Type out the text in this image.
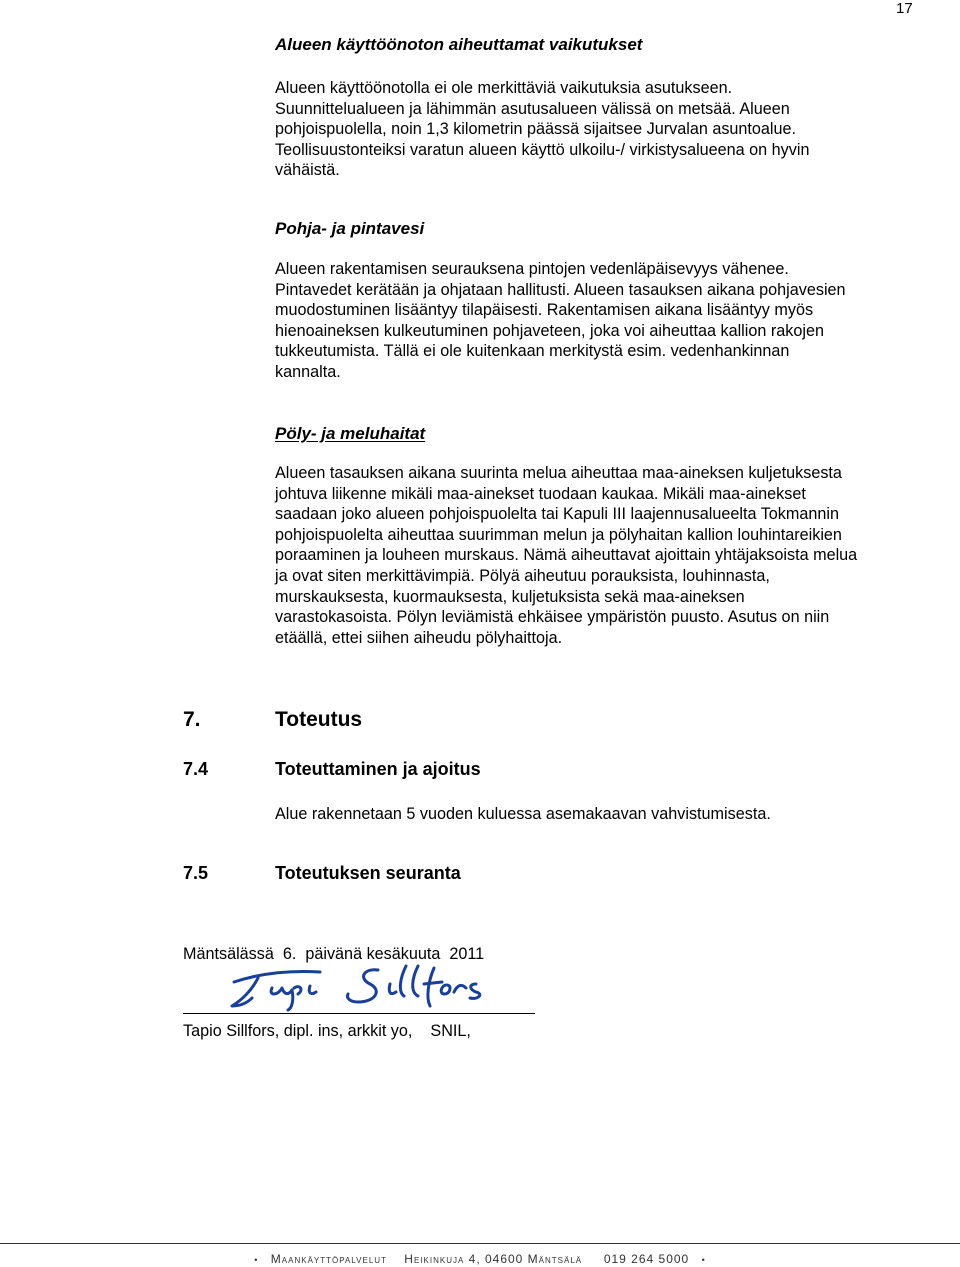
17
Alueen käyttöönoton aiheuttamat vaikutukset
Alueen käyttöönotolla ei ole merkittäviä vaikutuksia asutukseen.
Suunnittelualueen ja lähimmän asutusalueen välissä on metsää. Alueen
pohjoispuolella, noin 1,3 kilometrin päässä sijaitsee Jurvalan asuntoalue.
Teollisuustonteiksi varatun alueen käyttö ulkoilu-/ virkistysalueena on hyvin
vähäistä.
Pohja- ja pintavesi
Alueen rakentamisen seurauksena pintojen vedenläpäisevyys vähenee.
Pintavedet kerätään ja ohjataan hallitusti. Alueen tasauksen aikana pohjavesien
muodostuminen lisääntyy tilapäisesti. Rakentamisen aikana lisääntyy myös
hienoaineksen kulkeutuminen pohjaveteen, joka voi aiheuttaa kallion rakojen
tukkeutumista. Tällä ei ole kuitenkaan merkitystä esim. vedenhankinnan
kannalta.
Pöly- ja meluhaitat
Alueen tasauksen aikana suurinta melua aiheuttaa maa-aineksen kuljetuksesta
johtuva liikenne mikäli maa-ainekset tuodaan kaukaa. Mikäli maa-ainekset
saadaan joko alueen pohjoispuolelta tai Kapuli III laajennusalueelta Tokmannin
pohjoispuolelta aiheuttaa suurimman melun ja pölyhaitan kallion louhintareikien
poraaminen ja louheen murskaus. Nämä aiheuttavat ajoittain yhtäjaksoista melua
ja ovat siten merkittävimpiä. Pölyä aiheutuu porauksista, louhinnasta,
murskauksesta, kuormauksesta, kuljetuksista sekä maa-aineksen
varastokasoista. Pölyn leviämistä ehkäisee ympäristön puusto. Asutus on niin
etäällä, ettei siihen aiheudu pölyhaittoja.
7.	Toteutus
7.4	Toteuttaminen ja ajoitus
Alue rakennetaan 5 vuoden kuluessa asemakaavan vahvistumisesta.
7.5	Toteutuksen seuranta
Mäntsälässä  6.  päivänä kesäkuuta  2011
Tapio Sillfors, dipl. ins, arkkit yo,    SNIL,
• Maankäyttöpalvelut Heikinkuja 4, 04600 Mäntsälä 019 264 5000 •
